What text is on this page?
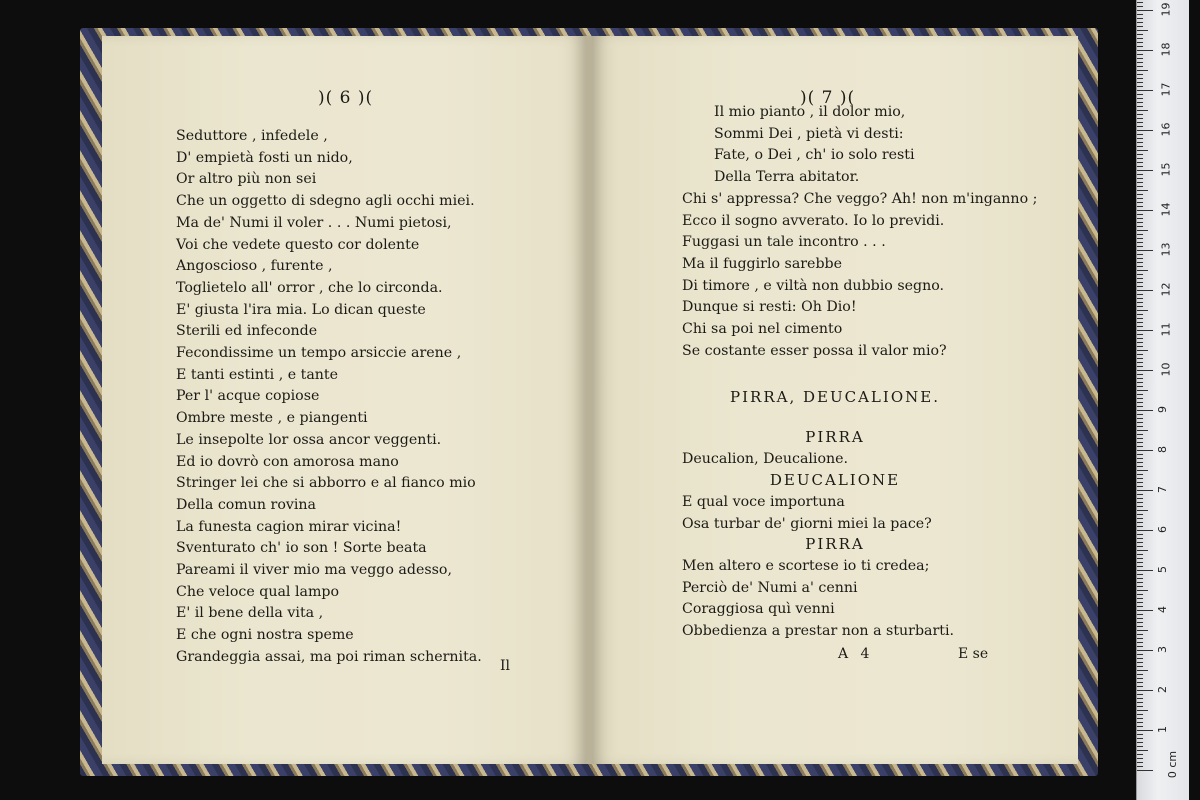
)( 6 )(
Seduttore , infedele ,
D' empietà fosti un nido,
Or altro più non sei
Che un oggetto di sdegno agli occhi miei.
Ma de' Numi il voler . . . Numi pietosi,
Voi che vedete questo cor dolente
Angosciosо , furente ,
Toglietelo all' orror , che lo circonda.
E' giusta l'ira mia. Lo dican queste
Sterili ed infeconde
Fecondissime un tempo arsiccie arene ,
E tanti estinti , e tante
Per l' acque copiose
Ombre meste , e piangenti
Le insepolte lor ossa ancor veggenti.
Ed io dovrò con amorosa mano
Stringer lei che si abborro e al fianco mio
Della comun rovina
La funesta cagion mirar vicina!
Sventurato ch' io son ! Sorte beata
Pareami il viver mio ma veggo adesso,
Che veloce qual lampo
E' il bene della vita ,
E che ogni nostra speme
Grandeggia assai, ma poi riman schernita.
Il
)( 7 )(
Il mio pianto , il dolor mio,
Sommi Dei , pietà vi desti:
Fate, o Dei , ch' io solo resti
Della Terra abitator.
Chi s' appressa? Che veggo? Ah! non m'inganno ;
Ecco il sogno avverato. Io lo previdi.
Fuggasi un tale incontro . . .
Ma il fuggirlo sarebbe
Di timore , e viltà non dubbio segno.
Dunque si resti: Oh Dio!
Chi sa poi nel cimento
Se costante esser possa il valor mio?
PIRRA, DEUCALIONE.
PIRRA
Deucalion, Deucalione.
DEUCALIONE
E qual voce importuna
Osa turbar de' giorni miei la pace?
PIRRA
Men altero e scortese io ti credea;
Perciò de' Numi a' cenni
Coraggiosa quì venni
Obbedienza a prestar non a sturbarti.
A 4	E se
0 cm
1
2
3
4
5
6
7
8
9
10
11
12
13
14
15
16
17
18
19
